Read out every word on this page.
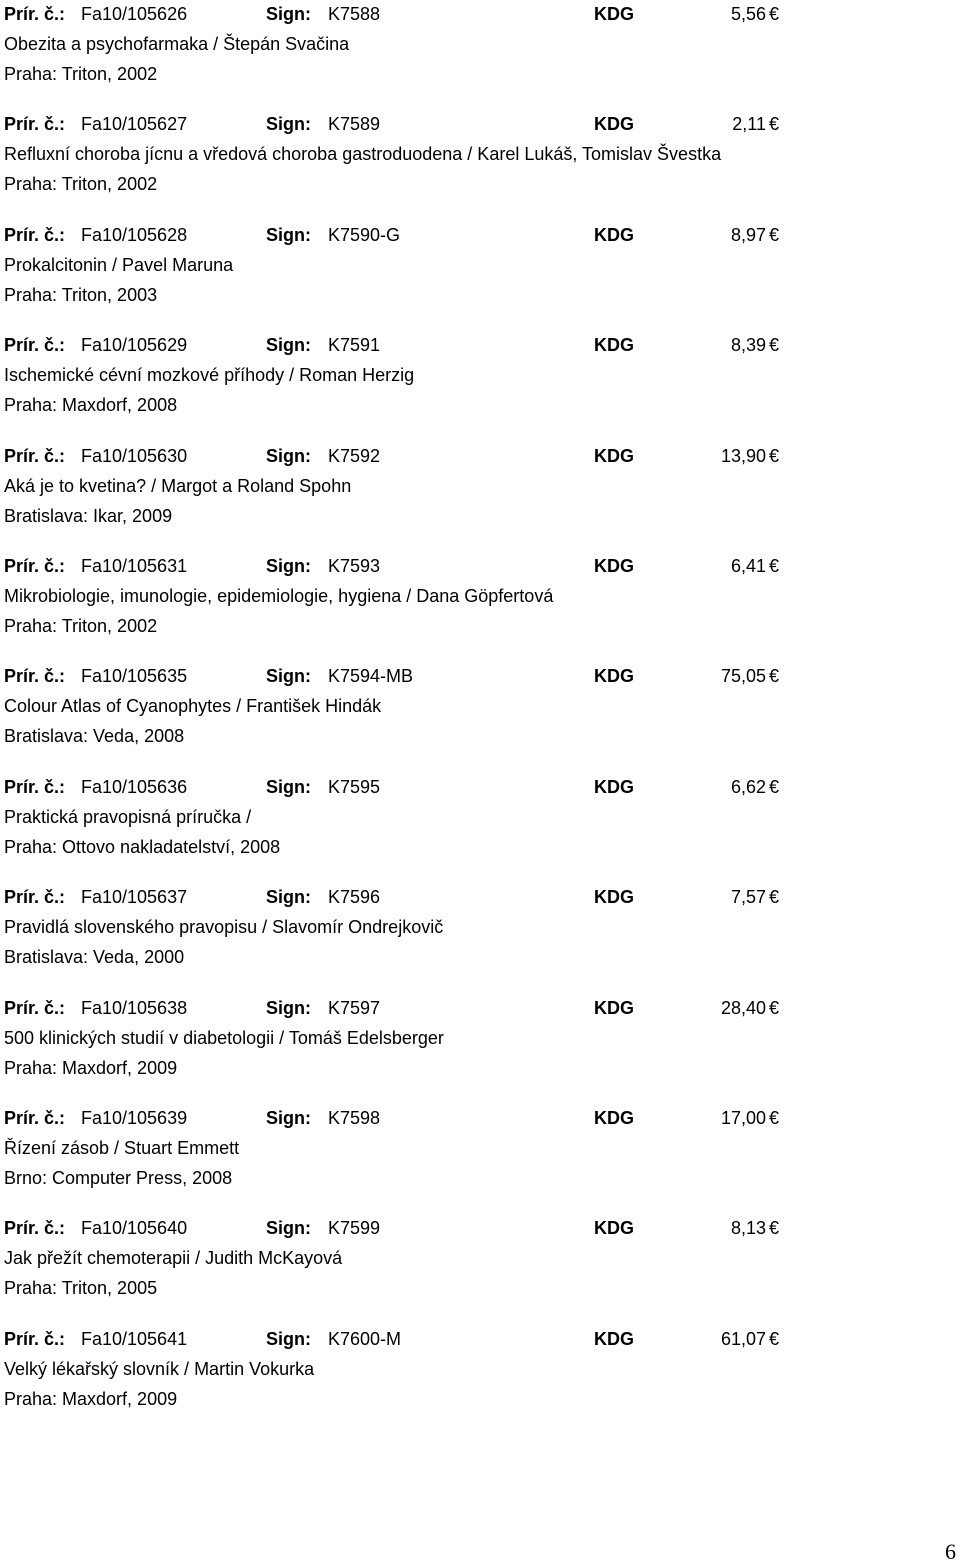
Prír. č.: Fa10/105626	Sign: K7588	KDG	5,56 €
Obezita a psychofarmaka / Štepán Svačina
Praha: Triton, 2002
Prír. č.: Fa10/105627	Sign: K7589	KDG	2,11 €
Refluxní choroba jícnu a vředová choroba gastroduodena / Karel Lukáš, Tomislav Švestka
Praha: Triton, 2002
Prír. č.: Fa10/105628	Sign: K7590-G	KDG	8,97 €
Prokalcitonin / Pavel Maruna
Praha: Triton, 2003
Prír. č.: Fa10/105629	Sign: K7591	KDG	8,39 €
Ischemické cévní mozkové příhody / Roman Herzig
Praha: Maxdorf, 2008
Prír. č.: Fa10/105630	Sign: K7592	KDG	13,90 €
Aká je to kvetina? / Margot a Roland Spohn
Bratislava: Ikar, 2009
Prír. č.: Fa10/105631	Sign: K7593	KDG	6,41 €
Mikrobiologie, imunologie, epidemiologie, hygiena / Dana Göpfertová
Praha: Triton, 2002
Prír. č.: Fa10/105635	Sign: K7594-MB	KDG	75,05 €
Colour Atlas of Cyanophytes / František Hindák
Bratislava: Veda, 2008
Prír. č.: Fa10/105636	Sign: K7595	KDG	6,62 €
Praktická pravopisná príručka /
Praha: Ottovo nakladatelství, 2008
Prír. č.: Fa10/105637	Sign: K7596	KDG	7,57 €
Pravidlá slovenského pravopisu / Slavomír Ondrejkovič
Bratislava: Veda, 2000
Prír. č.: Fa10/105638	Sign: K7597	KDG	28,40 €
500 klinických studií v diabetologii / Tomáš Edelsberger
Praha: Maxdorf, 2009
Prír. č.: Fa10/105639	Sign: K7598	KDG	17,00 €
Řízení zásob / Stuart Emmett
Brno: Computer Press, 2008
Prír. č.: Fa10/105640	Sign: K7599	KDG	8,13 €
Jak přežít chemoterapii / Judith McKayová
Praha: Triton, 2005
Prír. č.: Fa10/105641	Sign: K7600-M	KDG	61,07 €
Velký lékařský slovník / Martin Vokurka
Praha: Maxdorf, 2009
6
